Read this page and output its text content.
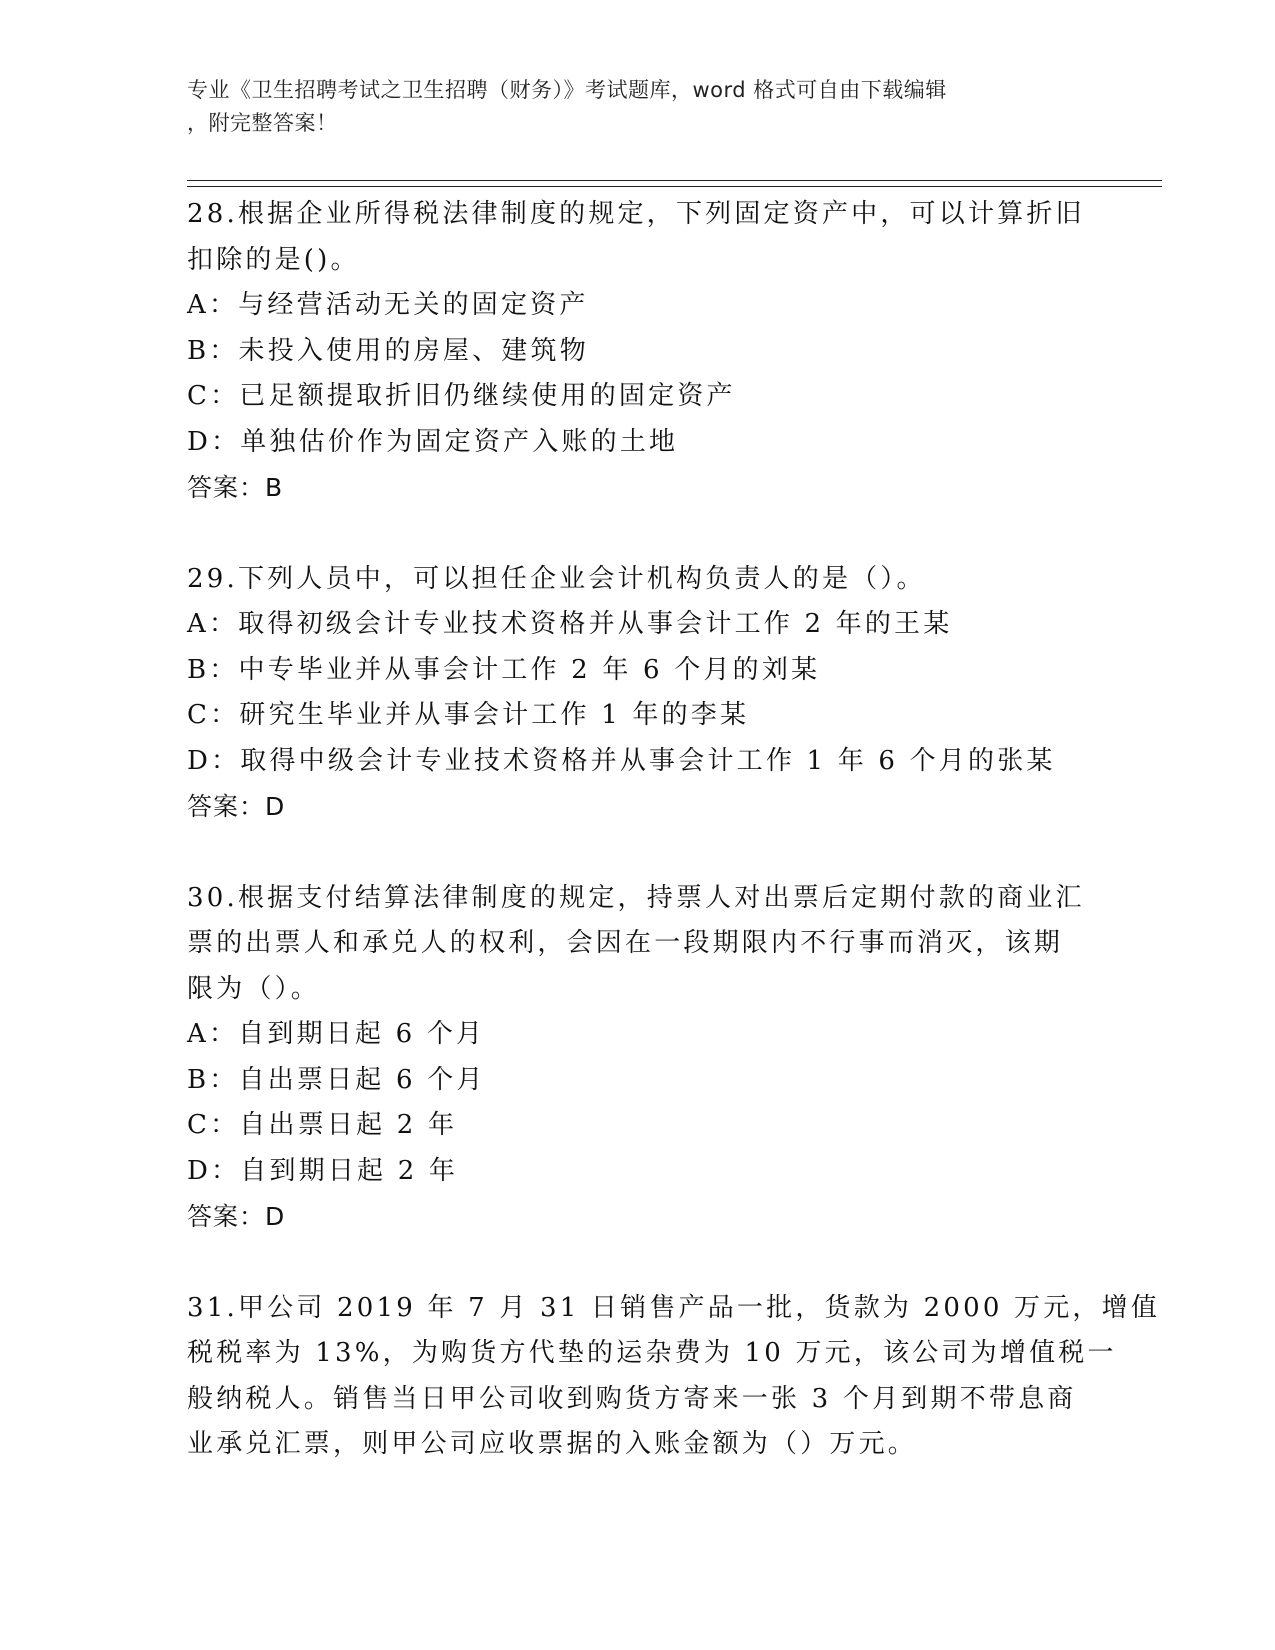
专业《卫生招聘考试之卫生招聘（财务）》考试题库，word 格式可自由下载编辑
，附完整答案！
28.根据企业所得税法律制度的规定，下列固定资产中，可以计算折旧
扣除的是()。
A：与经营活动无关的固定资产
B：未投入使用的房屋、建筑物
C：已足额提取折旧仍继续使用的固定资产
D：单独估价作为固定资产入账的土地
答案：B
29.下列人员中，可以担任企业会计机构负责人的是（）。
A：取得初级会计专业技术资格并从事会计工作 2 年的王某
B：中专毕业并从事会计工作 2 年 6 个月的刘某
C：研究生毕业并从事会计工作 1 年的李某
D：取得中级会计专业技术资格并从事会计工作 1 年 6 个月的张某
答案：D
30.根据支付结算法律制度的规定，持票人对出票后定期付款的商业汇
票的出票人和承兑人的权利，会因在一段期限内不行事而消灭，该期
限为（）。
A：自到期日起 6 个月
B：自出票日起 6 个月
C：自出票日起 2 年
D：自到期日起 2 年
答案：D
31.甲公司 2019 年 7 月 31 日销售产品一批，货款为 2000 万元，增值
税税率为 13%，为购货方代垫的运杂费为 10 万元，该公司为增值税一
般纳税人。销售当日甲公司收到购货方寄来一张 3 个月到期不带息商
业承兑汇票，则甲公司应收票据的入账金额为（）万元。
